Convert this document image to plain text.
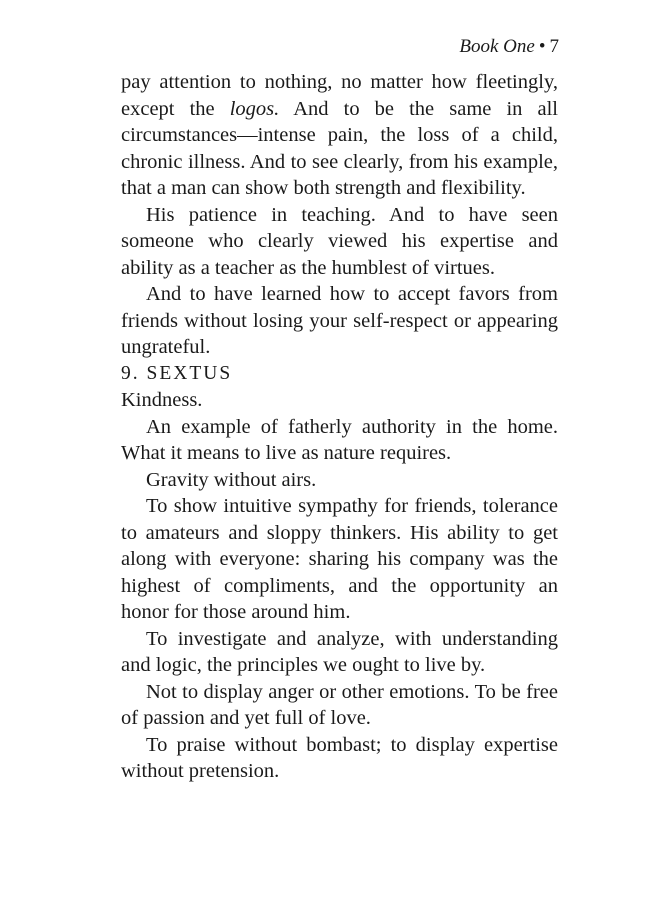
Book One • 7

pay attention to nothing, no matter how fleetingly, except the logos. And to be the same in all circumstances—intense pain, the loss of a child, chronic illness. And to see clearly, from his example, that a man can show both strength and flexibility.

His patience in teaching. And to have seen someone who clearly viewed his expertise and ability as a teacher as the humblest of virtues.

And to have learned how to accept favors from friends without losing your self-respect or appearing ungrateful.

9. SEXTUS

Kindness.

An example of fatherly authority in the home. What it means to live as nature requires.

Gravity without airs.

To show intuitive sympathy for friends, tolerance to amateurs and sloppy thinkers. His ability to get along with everyone: sharing his company was the highest of compliments, and the opportunity an honor for those around him.

To investigate and analyze, with understanding and logic, the principles we ought to live by.

Not to display anger or other emotions. To be free of passion and yet full of love.

To praise without bombast; to display expertise without pretension.
